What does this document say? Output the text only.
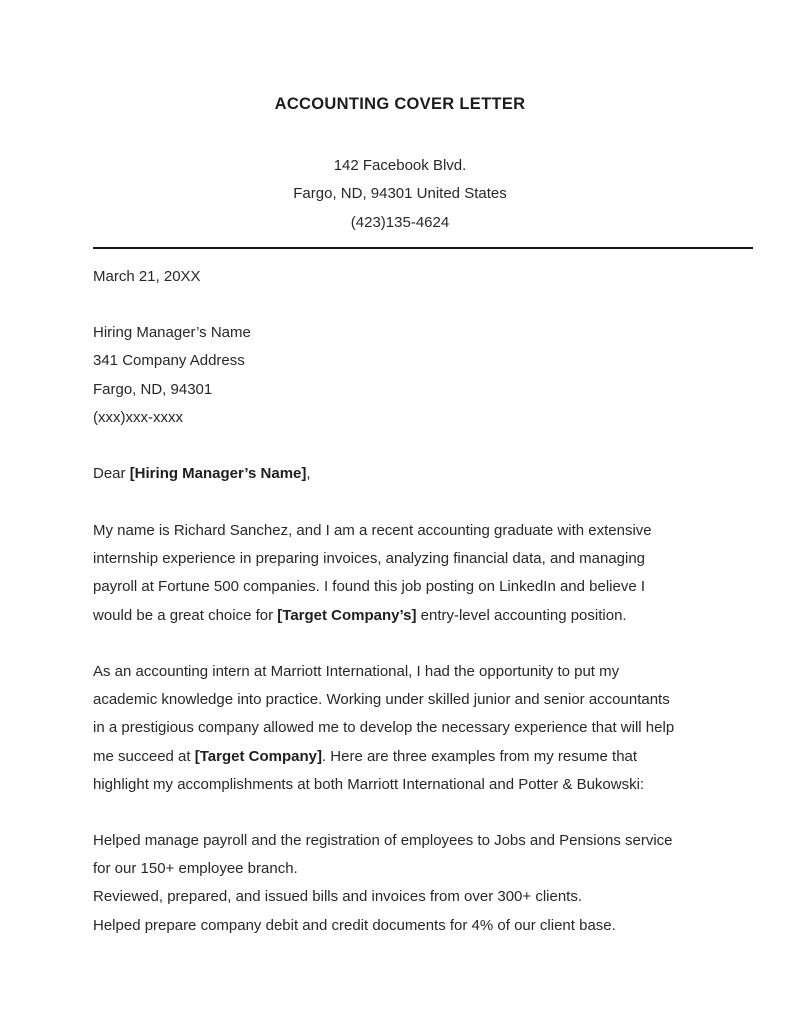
ACCOUNTING COVER LETTER
142 Facebook Blvd.
Fargo, ND, 94301 United States
(423)135-4624
March 21, 20XX
Hiring Manager’s Name
341 Company Address
Fargo, ND, 94301
(xxx)xxx-xxxx
Dear [Hiring Manager’s Name],
My name is Richard Sanchez, and I am a recent accounting graduate with extensive
internship experience in preparing invoices, analyzing financial data, and managing
payroll at Fortune 500 companies. I found this job posting on LinkedIn and believe I
would be a great choice for [Target Company’s] entry-level accounting position.
As an accounting intern at Marriott International, I had the opportunity to put my
academic knowledge into practice. Working under skilled junior and senior accountants
in a prestigious company allowed me to develop the necessary experience that will help
me succeed at [Target Company]. Here are three examples from my resume that
highlight my accomplishments at both Marriott International and Potter & Bukowski:
Helped manage payroll and the registration of employees to Jobs and Pensions service
for our 150+ employee branch.
Reviewed, prepared, and issued bills and invoices from over 300+ clients.
Helped prepare company debit and credit documents for 4% of our client base.
